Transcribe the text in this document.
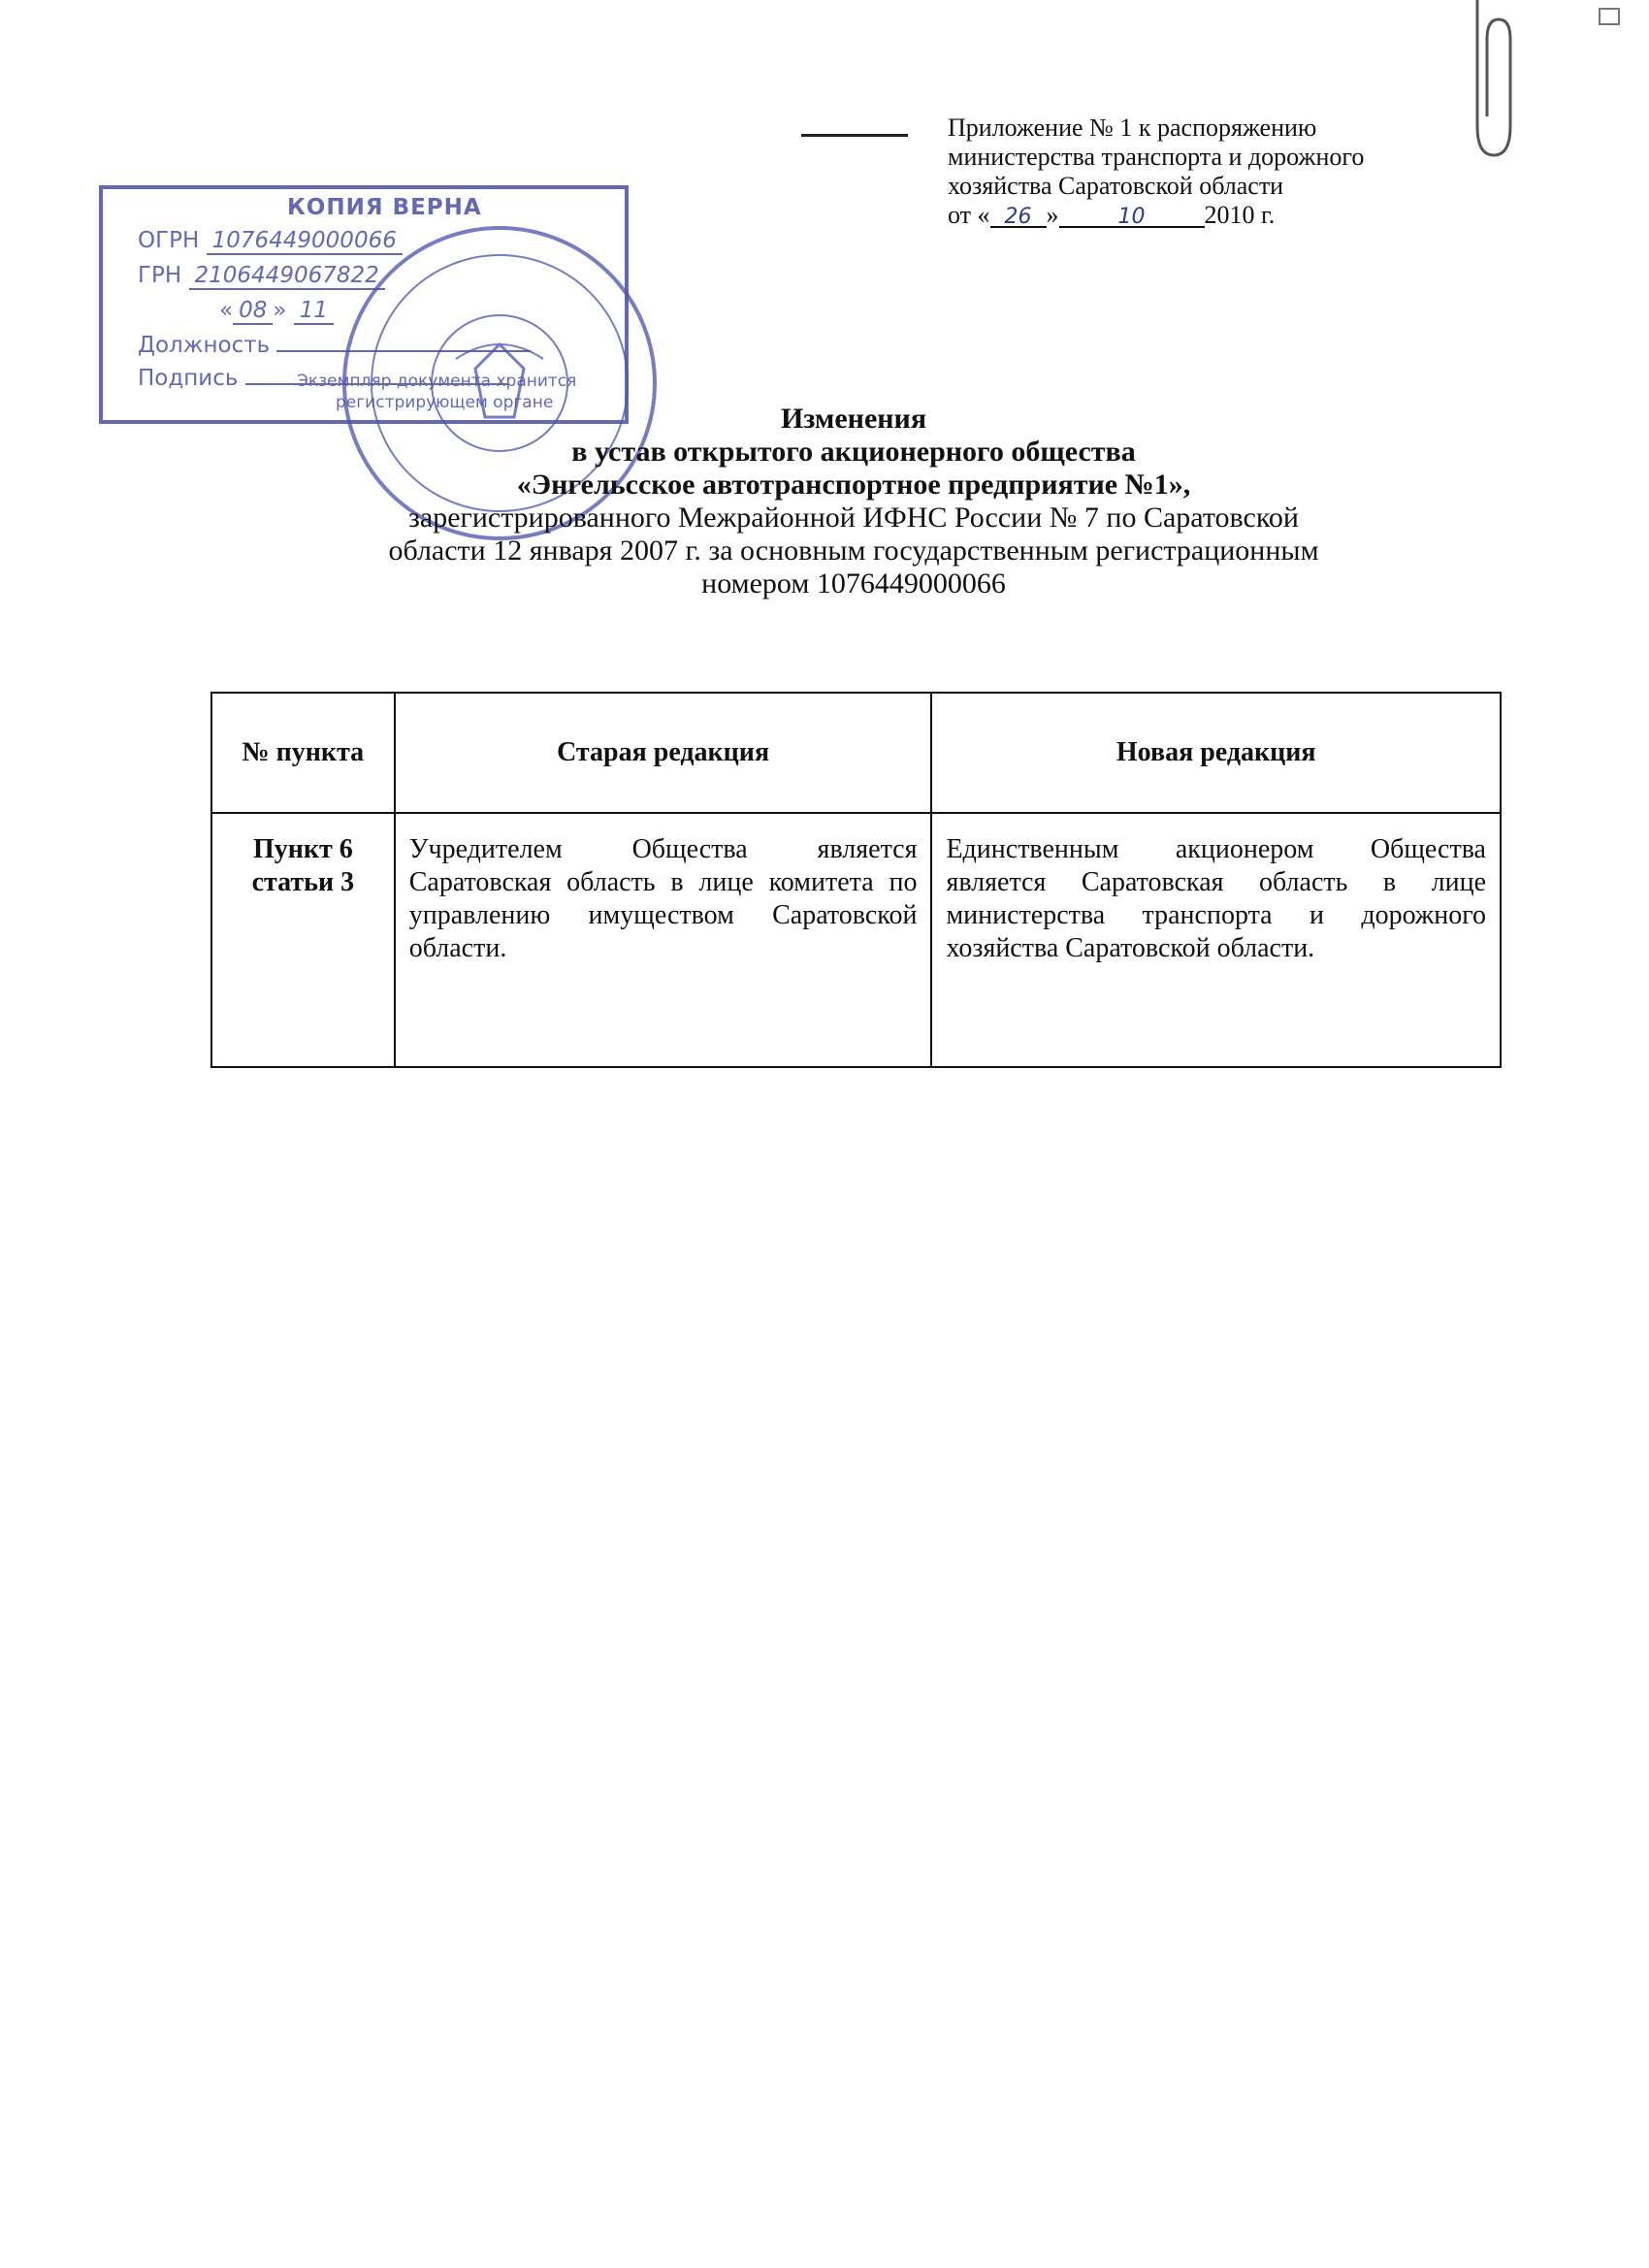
Приложение № 1 к распоряжению
министерства транспорта и дорожного
хозяйства Саратовской области
от « 26 »	10 2010 г.
КОПИЯ ВЕРНА
ОГРН 1076449000066
ГРН 2106449067822
« 08 » 11
Должность
Подпись	Экземпляр документа хранится
регистрирующем органе	Изменения
в устав открытого акционерного общества
«Энгельсское автотранспортное предприятие №1»,
зарегистрированного Межрайонной ИФНС России № 7 по Саратовской
области 12 января 2007 г. за основным государственным регистрационным
номером 1076449000066
№ пункта	Старая редакция	Новая редакция
Пункт 6 статьи 3	Учредителем Общества является Саратовская область в лице комитета по управлению имуществом Саратовской области.	Единственным акционером Общества является Саратовская область в лице министерства транспорта и дорожного хозяйства Саратовской области.
